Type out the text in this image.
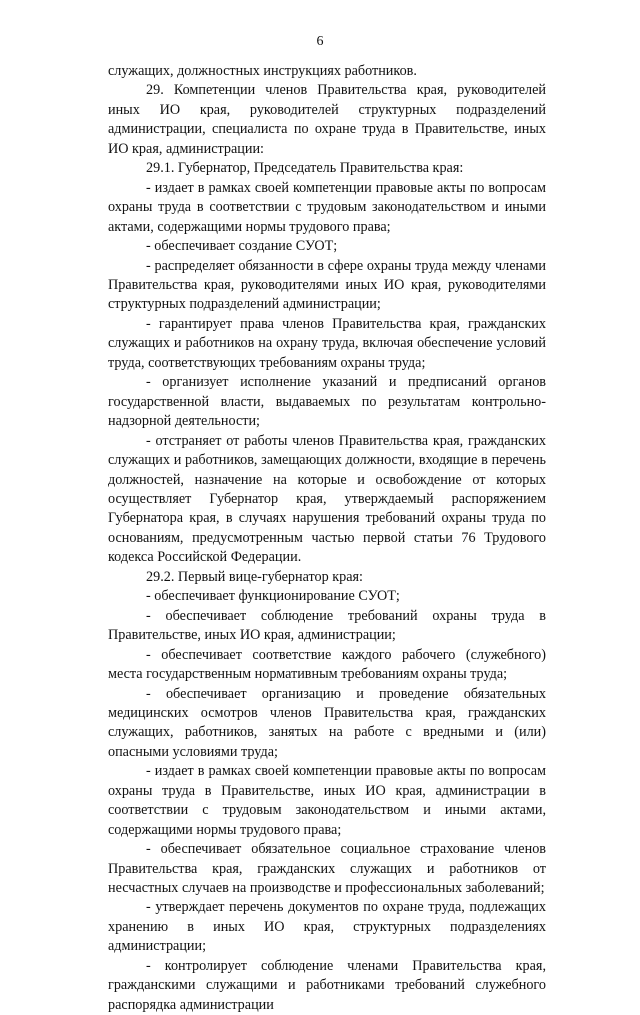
6

служащих, должностных инструкциях работников.

29. Компетенции членов Правительства края, руководителей иных ИО края, руководителей структурных подразделений администрации, специалиста по охране труда в Правительстве, иных ИО края, администрации:

29.1. Губернатор, Председатель Правительства края:

- издает в рамках своей компетенции правовые акты по вопросам охраны труда в соответствии с трудовым законодательством и иными актами, содержащими нормы трудового права;

- обеспечивает создание СУОТ;

- распределяет обязанности в сфере охраны труда между членами Правительства края, руководителями иных ИО края, руководителями структурных подразделений администрации;

- гарантирует права членов Правительства края, гражданских служащих и работников на охрану труда, включая обеспечение условий труда, соответствующих требованиям охраны труда;

- организует исполнение указаний и предписаний органов государственной власти, выдаваемых по результатам контрольно-надзорной деятельности;

- отстраняет от работы членов Правительства края, гражданских служащих и работников, замещающих должности, входящие в перечень должностей, назначение на которые и освобождение от которых осуществляет Губернатор края, утверждаемый распоряжением Губернатора края, в случаях нарушения требований охраны труда по основаниям, предусмотренным частью первой статьи 76 Трудового кодекса Российской Федерации.

29.2. Первый вице-губернатор края:

- обеспечивает функционирование СУОТ;

- обеспечивает соблюдение требований охраны труда в Правительстве, иных ИО края, администрации;

- обеспечивает соответствие каждого рабочего (служебного) места государственным нормативным требованиям охраны труда;

- обеспечивает организацию и проведение обязательных медицинских осмотров членов Правительства края, гражданских служащих, работников, занятых на работе с вредными и (или) опасными условиями труда;

- издает в рамках своей компетенции правовые акты по вопросам охраны труда в Правительстве, иных ИО края, администрации в соответствии с трудовым законодательством и иными актами, содержащими нормы трудового права;

- обеспечивает обязательное социальное страхование членов Правительства края, гражданских служащих и работников от несчастных случаев на производстве и профессиональных заболеваний;

- утверждает перечень документов по охране труда, подлежащих хранению в иных ИО края, структурных подразделениях администрации;

- контролирует соблюдение членами Правительства края, гражданскими служащими и работниками требований служебного распорядка администрации
